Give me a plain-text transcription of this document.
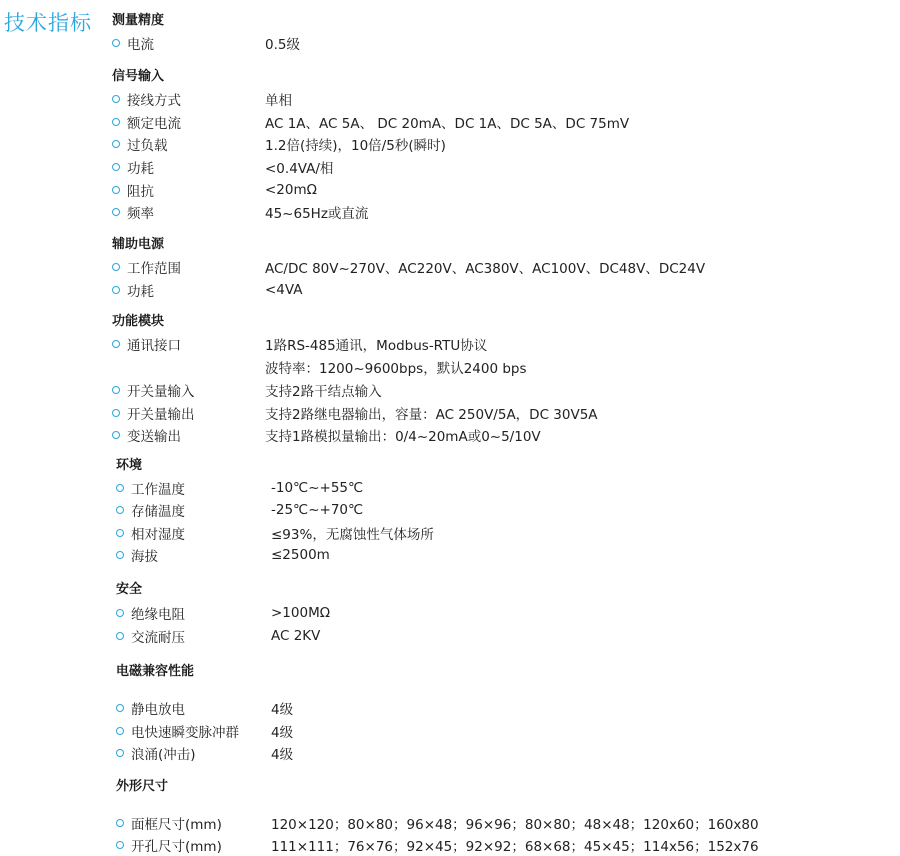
技术指标 测量精度
电流	0.5级
信号输入
接线方式	单相
额定电流	AC 1A、AC 5A、 DC 20mA、DC 1A、DC 5A、DC 75mV
过负载	1.2倍(持续)，10倍/5秒(瞬时)
功耗	<0.4VA/相
阻抗	<20mΩ
频率	45~65Hz或直流
辅助电源
工作范围	AC/DC 80V~270V、AC220V、AC380V、AC100V、DC48V、DC24V
功耗	<4VA
功能模块
通讯接口	1路RS-485通讯，Modbus-RTU协议
波特率：1200~9600bps，默认2400 bps
开关量输入	支持2路干结点输入
开关量输出	支持2路继电器输出，容量：AC 250V/5A，DC 30V5A
变送输出	支持1路模拟量输出：0/4~20mA或0~5/10V
环境
工作温度	-10℃~+55℃
存储温度	-25℃~+70℃
相对湿度	≤93%，无腐蚀性气体场所
海拔	≤2500m
安全
绝缘电阻	>100MΩ
交流耐压	AC 2KV
电磁兼容性能
静电放电	4级
电快速瞬变脉冲群 4级
浪涌(冲击)	4级
外形尺寸
面框尺寸(mm)	120×120；80×80；96×48；96×96；80×80；48×48；120x60；160x80
开孔尺寸(mm)	111×111；76×76；92×45；92×92；68×68；45×45；114x56；152x76
